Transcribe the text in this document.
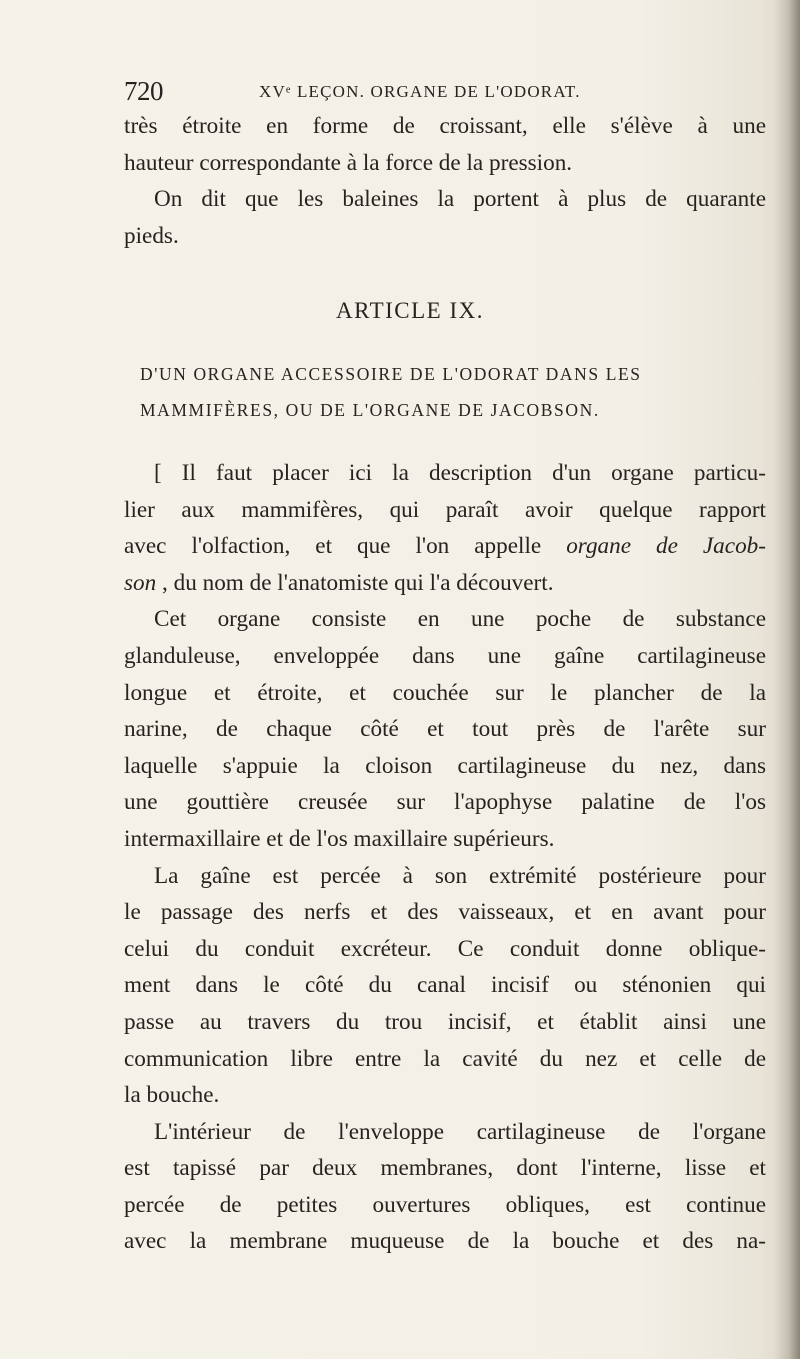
720	XVᵉ LEÇON. ORGANE DE L'ODORAT.
très étroite en forme de croissant, elle s'élève à une
hauteur correspondante à la force de la pression.
On dit que les baleines la portent à plus de quarante
pieds.
ARTICLE IX.
D'UN ORGANE ACCESSOIRE DE L'ODORAT DANS LES
MAMMIFÈRES, OU DE L'ORGANE DE JACOBSON.
[ Il faut placer ici la description d'un organe particu-
lier aux mammifères, qui paraît avoir quelque rapport
avec l'olfaction, et que l'on appelle organe de Jacob-
son , du nom de l'anatomiste qui l'a découvert.
Cet organe consiste en une poche de substance
glanduleuse, enveloppée dans une gaîne cartilagineuse
longue et étroite, et couchée sur le plancher de la
narine, de chaque côté et tout près de l'arête sur
laquelle s'appuie la cloison cartilagineuse du nez, dans
une gouttière creusée sur l'apophyse palatine de l'os
intermaxillaire et de l'os maxillaire supérieurs.
La gaîne est percée à son extrémité postérieure pour
le passage des nerfs et des vaisseaux, et en avant pour
celui du conduit excréteur. Ce conduit donne oblique-
ment dans le côté du canal incisif ou sténonien qui
passe au travers du trou incisif, et établit ainsi une
communication libre entre la cavité du nez et celle de
la bouche.
L'intérieur de l'enveloppe cartilagineuse de l'organe
est tapissé par deux membranes, dont l'interne, lisse et
percée de petites ouvertures obliques, est continue
avec la membrane muqueuse de la bouche et des na-
